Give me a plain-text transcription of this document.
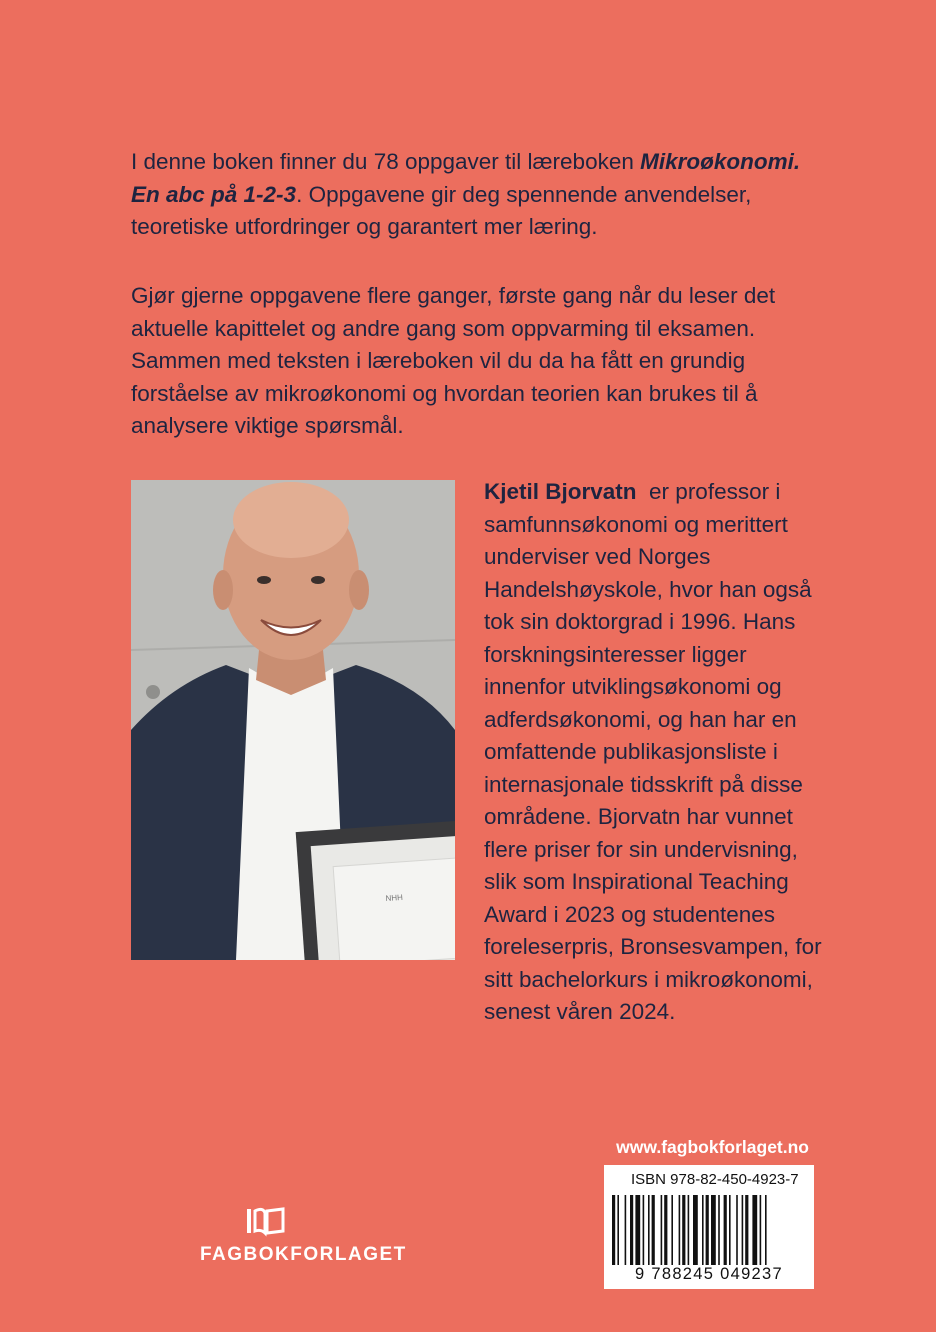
I denne boken finner du 78 oppgaver til læreboken Mikroøkonomi. En abc på 1-2-3. Oppgavene gir deg spennende anvendelser, teoretiske utfordringer og garantert mer læring.

Gjør gjerne oppgavene flere ganger, første gang når du leser det aktuelle kapittelet og andre gang som oppvarming til eksamen. Sammen med teksten i læreboken vil du da ha fått en grundig forståelse av mikroøkonomi og hvordan teorien kan brukes til å analysere viktige spørsmål.

NHH

Kjetil Bjorvatn er professor i samfunnsøkonomi og merittert underviser ved Norges Handelshøyskole, hvor han også tok sin doktorgrad i 1996. Hans forskningsinteresser ligger innenfor utviklingsøkonomi og adferdsøkonomi, og han har en omfattende publikasjonsliste i internasjonale tidsskrift på disse områdene. Bjorvatn har vunnet flere priser for sin undervisning, slik som Inspirational Teaching Award i 2023 og studentenes foreleserpris, Bronsesvampen, for sitt bachelorkurs i mikroøkonomi, senest våren 2024.

www.fagbokforlaget.no
ISBN 978-82-450-4923-7
9 788245 049237
FAGBOKFORLAGET
